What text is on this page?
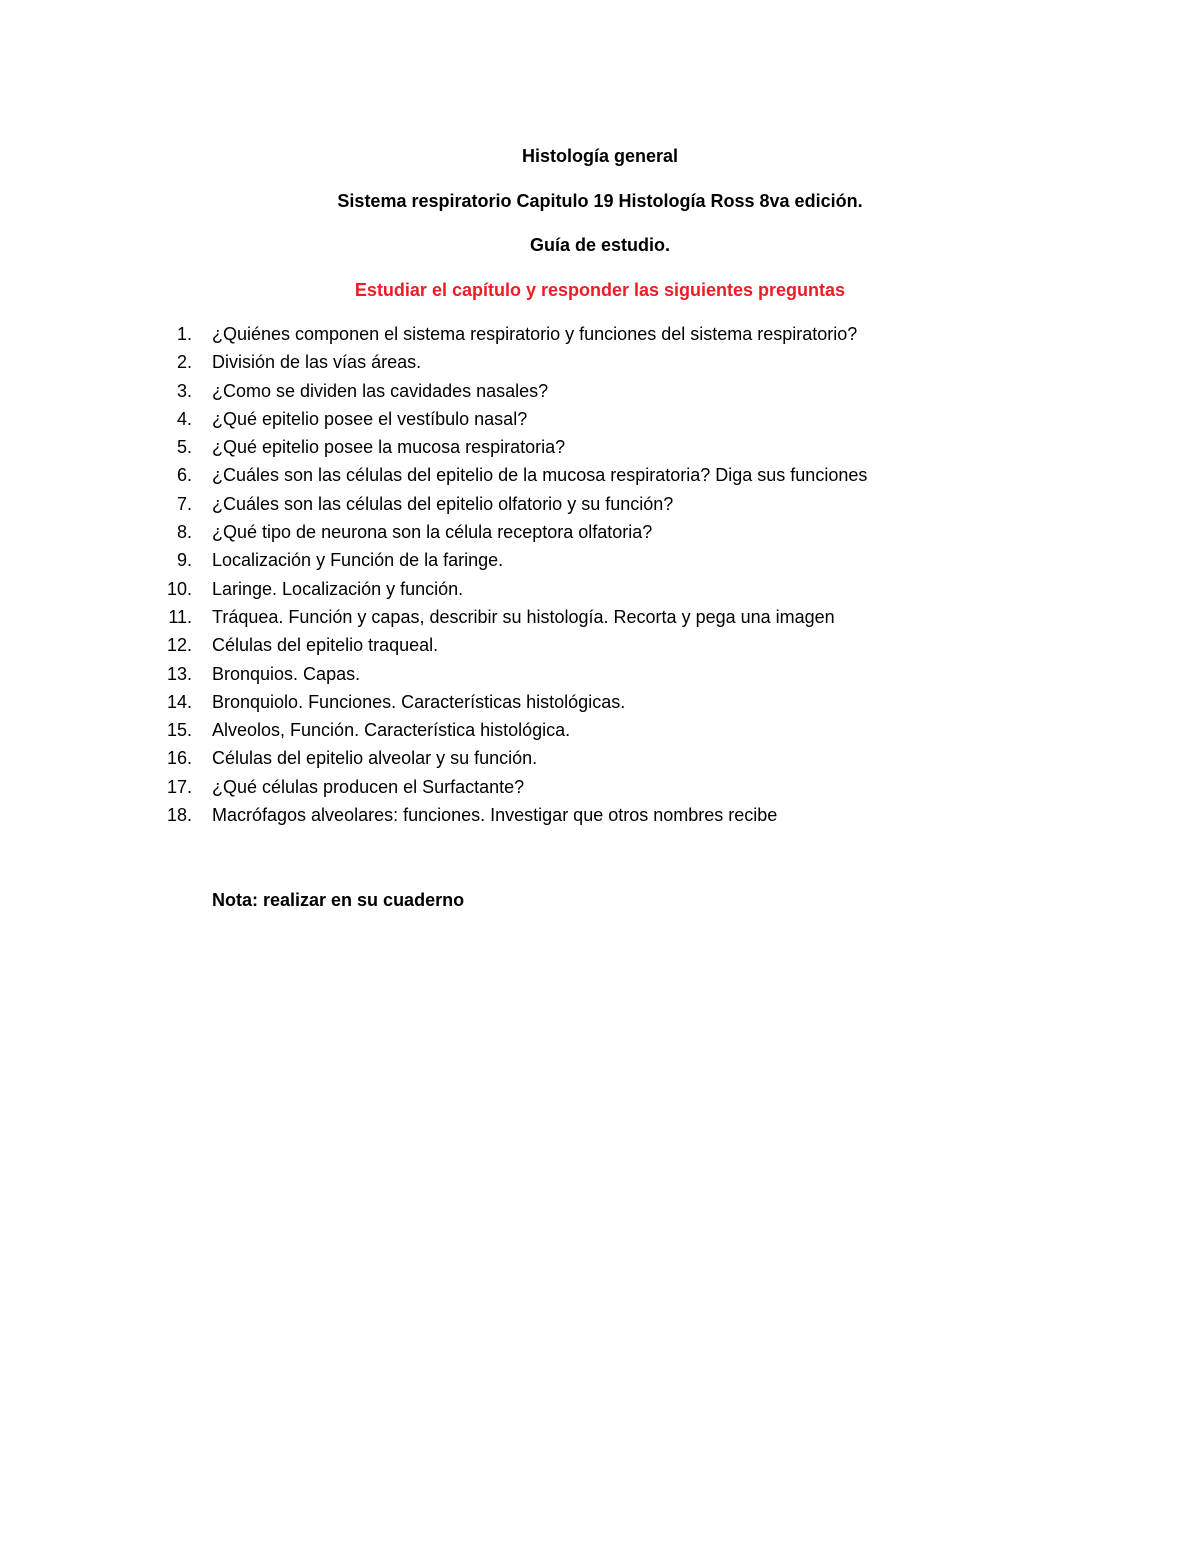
Histología general
Sistema respiratorio Capitulo 19 Histología Ross 8va edición.
Guía de estudio.
Estudiar el capítulo y responder las siguientes preguntas
1. ¿Quiénes componen el sistema respiratorio y funciones del sistema respiratorio?
2. División de las vías áreas.
3. ¿Como se dividen las cavidades nasales?
4. ¿Qué epitelio posee el vestíbulo nasal?
5. ¿Qué epitelio posee la mucosa respiratoria?
6. ¿Cuáles son las células del epitelio de la mucosa respiratoria? Diga sus funciones
7. ¿Cuáles son las células del epitelio olfatorio y su función?
8. ¿Qué tipo de neurona son la célula receptora olfatoria?
9. Localización y Función de la faringe.
10. Laringe. Localización y función.
11. Tráquea. Función y capas, describir su histología. Recorta y pega una imagen
12. Células del epitelio traqueal.
13. Bronquios. Capas.
14. Bronquiolo. Funciones. Características histológicas.
15. Alveolos, Función. Característica histológica.
16. Células del epitelio alveolar y su función.
17. ¿Qué células producen el Surfactante?
18. Macrófagos alveolares: funciones. Investigar que otros nombres recibe
Nota: realizar en su cuaderno
